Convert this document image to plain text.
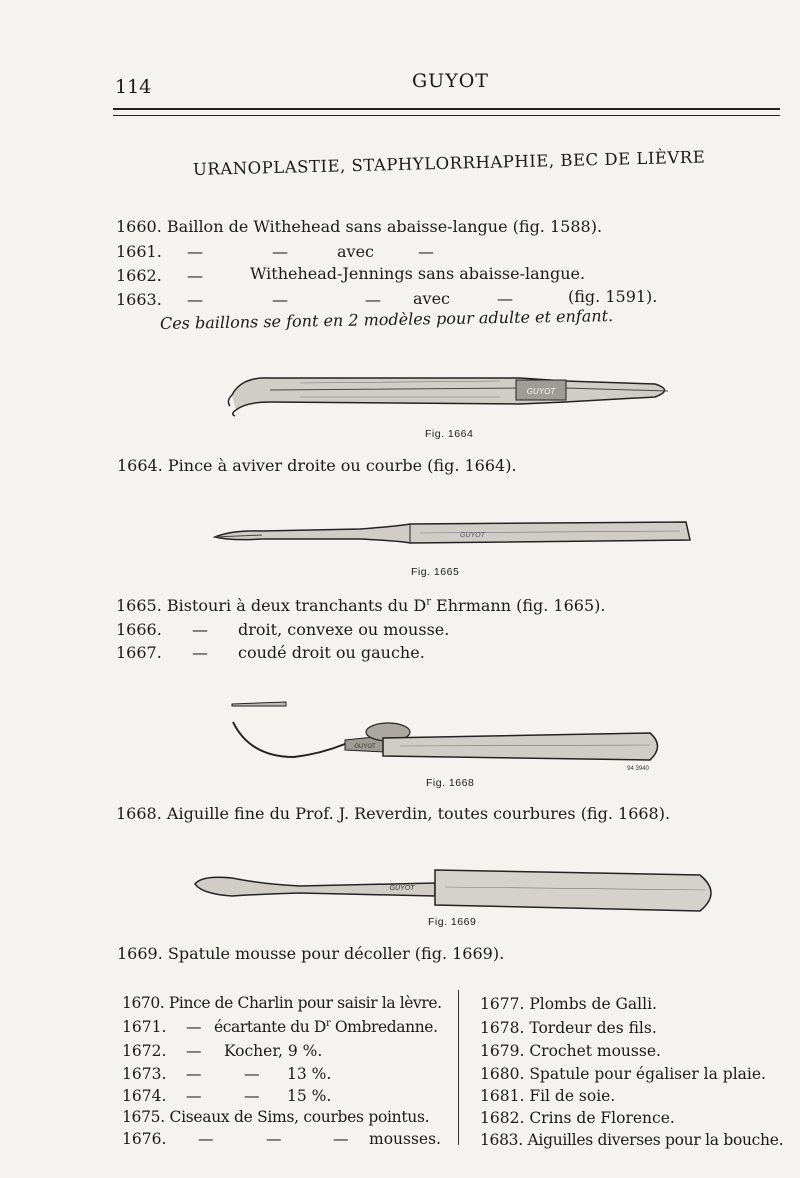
114	GUYOT
URANOPLASTIE, STAPHYLORRHAPHIE, BEC DE LIÈVRE
1660. Baillon de Withehead sans abaisse-langue (fig. 1588).
1661. —	—	avec	—
1662. —	Withehead-Jennings sans abaisse-langue.
1663. —	—	— avec	—	(fig. 1591).
Ces baillons se font en 2 modèles pour adulte et enfant.
GUYOT
Fig. 1664
1664. Pince à aviver droite ou courbe (fig. 1664).
GUYOT
Fig. 1665
1665. Bistouri à deux tranchants du $D^r$ Ehrmann (fig. 1665).
1666. — droit, convexe ou mousse.
1667. — coudé droit ou gauche.
GUYOT
94 3940
Fig. 1668
1668. Aiguille fine du Prof. J. Reverdin, toutes courbures (fig. 1668).
GUYOT
Fig. 1669
1669. Spatule mousse pour décoller (fig. 1669).
1670. Pince de Charlin pour saisir la lèvre.
1671. — écartante du $D^r$ Ombredanne.
1672. — Kocher, 9 %.
1673. —	— 13 %.
1674. —	— 15 %.
1675. Ciseaux de Sims, courbes pointus.
1676. —	—	— mousses.
1677. Plombs de Galli.
1678. Tordeur des fils.
1679. Crochet mousse.
1680. Spatule pour égaliser la plaie.
1681. Fil de soie.
1682. Crins de Florence.
1683. Aiguilles diverses pour la bouche.
